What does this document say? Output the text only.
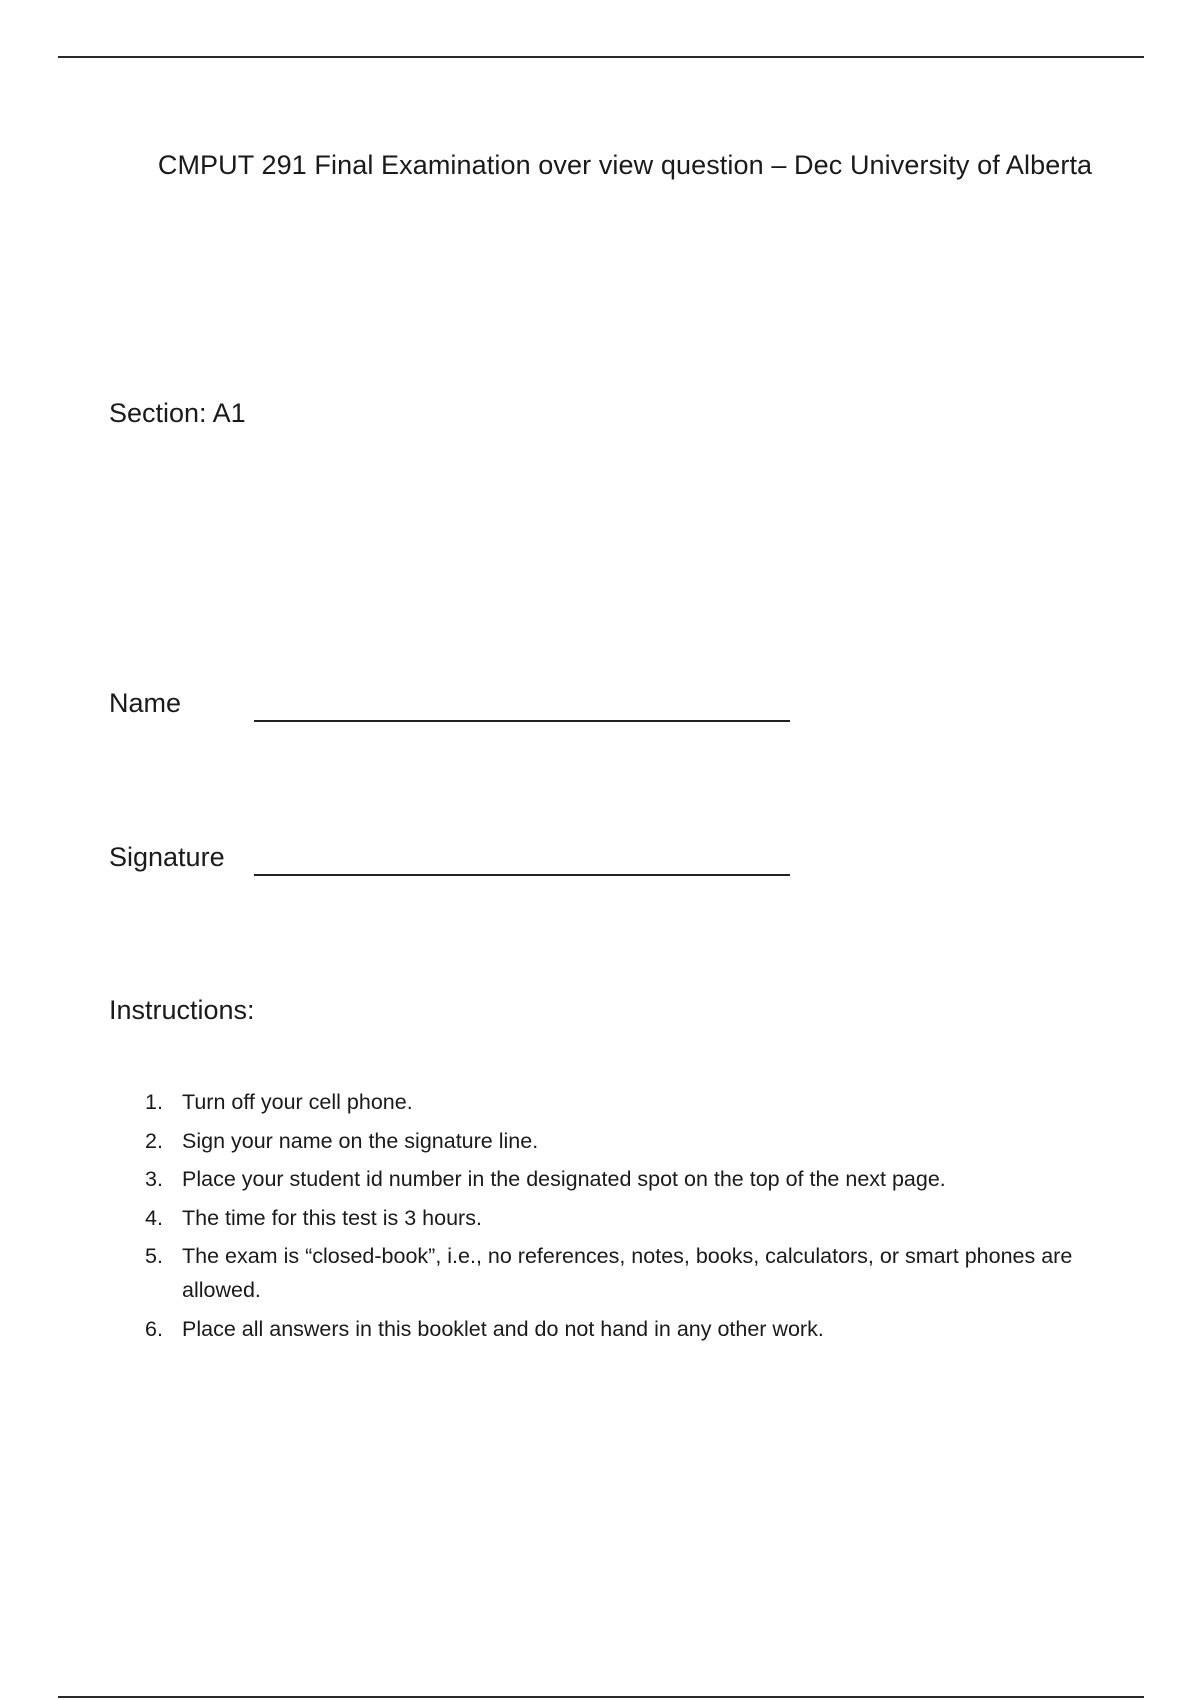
CMPUT 291 Final Examination over view question – Dec University of Alberta
Section: A1
Name
Signature
Instructions:
1. Turn off your cell phone.
2. Sign your name on the signature line.
3. Place your student id number in the designated spot on the top of the next page.
4. The time for this test is 3 hours.
5. The exam is “closed-book”, i.e., no references, notes, books, calculators, or smart phones are allowed.
6. Place all answers in this booklet and do not hand in any other work.
